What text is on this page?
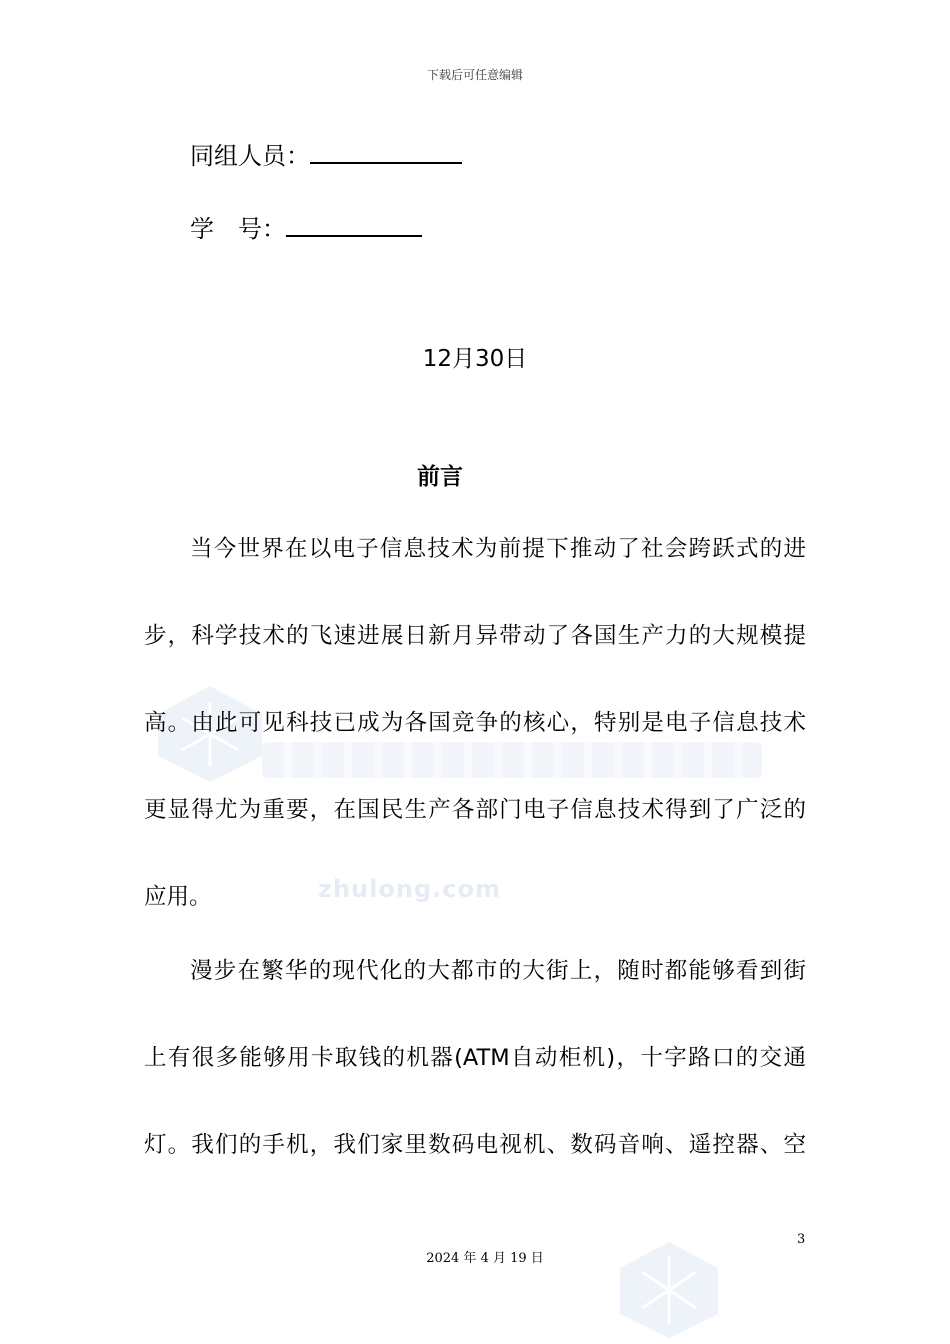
下载后可任意编辑
zhulong.com
同组人员：
学　号：
12月30日
前言
当今世界在以电子信息技术为前提下推动了社会跨跃式的进
步，科学技术的飞速进展日新月异带动了各国生产力的大规模提
高。由此可见科技已成为各国竞争的核心，特别是电子信息技术
更显得尤为重要，在国民生产各部门电子信息技术得到了广泛的
应用。
漫步在繁华的现代化的大都市的大街上，随时都能够看到街
上有很多能够用卡取钱的机器(ATM自动柜机)，十字路口的交通
灯。我们的手机，我们家里数码电视机、数码音响、遥控器、空
3
2024 年 4 月 19 日
